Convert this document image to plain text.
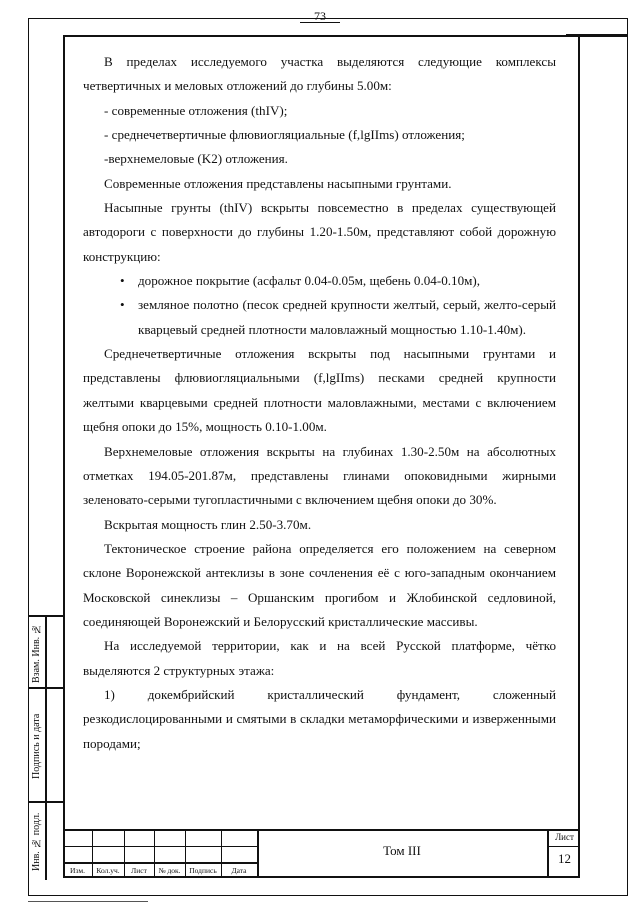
73
Взам. Инв. №
Подпись и дата
Инв. № подл.

В пределах исследуемого участка выделяются следующие комплексы четвертичных и меловых отложений до глубины 5.00м:

- современные отложения (thIV);

- среднечетвертичные флювиогляциальные (f,lgIIms) отложения;

-верхнемеловые (K2) отложения.

Современные отложения представлены насыпными грунтами.

Насыпные грунты (thIV) вскрыты повсеместно в пределах существующей автодороги с поверхности до глубины 1.20-1.50м, представляют собой дорожную конструкцию:

• дорожное покрытие (асфальт 0.04-0.05м, щебень 0.04-0.10м),
• земляное полотно (песок средней крупности желтый, серый, желто-серый кварцевый средней плотности маловлажный мощностью 1.10-1.40м).

Среднечетвертичные отложения вскрыты под насыпными грунтами и представлены флювиогляциальными (f,lgIIms) песками средней крупности желтыми кварцевыми средней плотности маловлажными, местами с включением щебня опоки до 15%, мощность 0.10-1.00м.

Верхнемеловые отложения вскрыты на глубинах 1.30-2.50м на абсолютных отметках 194.05-201.87м, представлены глинами опоковидными жирными зеленовато-серыми тугопластичными с включением щебня опоки до 30%.

Вскрытая мощность глин 2.50-3.70м.

Тектоническое строение района определяется его положением на северном склоне Воронежской антеклизы в зоне сочленения её с юго-западным окончанием Московской синеклизы – Оршанским прогибом и Жлобинской седловиной, соединяющей Воронежский и Белорусский кристаллические массивы.

На исследуемой территории, как и на всей Русской платформе, чётко выделяются 2 структурных этажа:

1) докембрийский кристаллический фундамент, сложенный резкодислоцированными и смятыми в складки метаморфическими и изверженными породами;

Изм.	Кол.уч.	Лист	№ док.	Подпись	Дата
Том III
Лист
12
